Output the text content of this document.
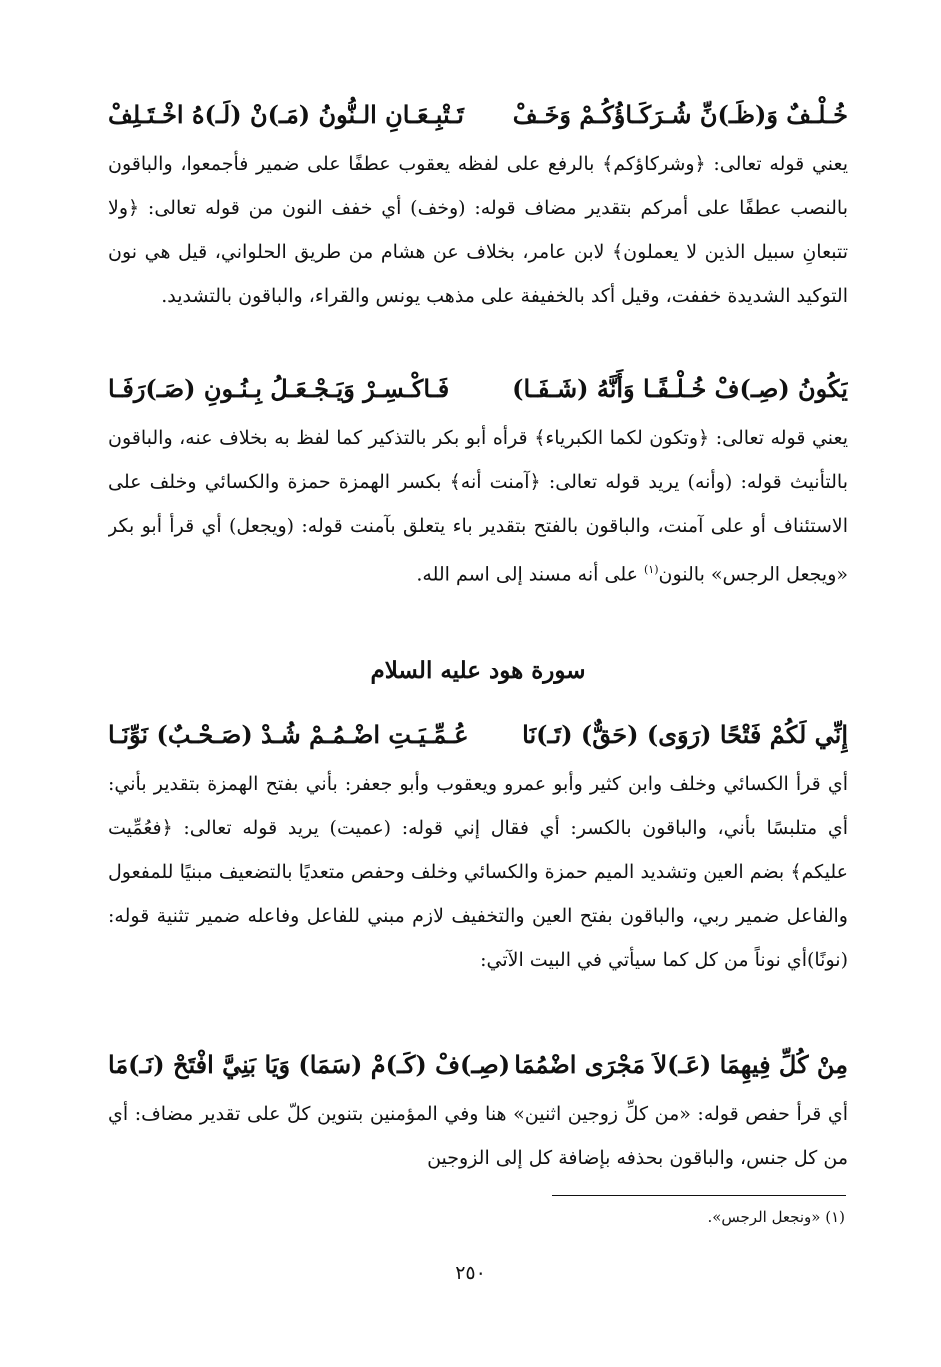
خُـلْـفٌ وَ(ظَـ)نِّ شُـرَكَـاؤُكُـمْ وَخَـفْ
تَـتْبِـعَـانِ الـنُّونُ (مَـ)نْ (لَـ)هُ اخْـتَـلِفْ

يعني قوله تعالى: ﴿وشركاؤكم﴾ بالرفع على لفظه يعقوب عطفًا على ضمير فأجمعوا، والباقون بالنصب عطفًا على أمركم بتقدير مضاف قوله: (وخف) أي خفف النون من قوله تعالى: ﴿ولا تتبعانِ سبيل الذين لا يعملون﴾ لابن عامر، بخلاف عن هشام من طريق الحلواني، قيل هي نون التوكيد الشديدة خففت، وقيل أكد بالخفيفة على مذهب يونس والقراء، والباقون بالتشديد.

يَكُونُ (صِـ)فْ خُـلْـفًـا وَأَنَّهُ (شَـفَـا)
فَـاكْـسِـرْ وَيَـجْـعَـلُ بِـنُـونِ (صَـ)رَفَـا

يعني قوله تعالى: ﴿وتكون لكما الكبرياء﴾ قرأه أبو بكر بالتذكير كما لفظ به بخلاف عنه، والباقون بالتأنيث قوله: (وأنه) يريد قوله تعالى: ﴿آمنت أنه﴾ بكسر الهمزة حمزة والكسائي وخلف على الاستئناف أو على آمنت، والباقون بالفتح بتقدير باء يتعلق بآمنت قوله: (ويجعل) أي قرأ أبو بكر «ويجعل الرجس» بالنون$^{(١)}$ على أنه مسند إلى اسم الله.

سورة هود عليه السلام
إِنِّي لَكُمْ فَتْحًا (رَوَى) (حَقٌّ) (تَـ)نَا
عُـمِّـيَـتِ اضْـمُـمْ شُـدْ (صَـحْـبٌ) نَوِّنَـا

أي قرأ الكسائي وخلف وابن كثير وأبو عمرو ويعقوب وأبو جعفر: بأني بفتح الهمزة بتقدير بأني: أي متلبسًا بأني، والباقون بالكسر: أي فقال إني قوله: (عميت) يريد قوله تعالى: ﴿فعُمِّيت عليكم﴾ بضم العين وتشديد الميم حمزة والكسائي وخلف وحفص متعديًا بالتضعيف مبنيًا للمفعول والفاعل ضمير ربي، والباقون بفتح العين والتخفيف لازم مبني للفاعل وفاعله ضمير تثنية قوله: (نونًا)أي نوناً من كل كما سيأتي في البيت الآتي:

مِنْ كُلِّ فِيهِمَا (عَـ)لاَ مَجْرَى اضْمُمَا
(صِـ)فْ (كَـ)مْ (سَمَا) وَيَا بَنِيَّ افْتَحْ (نَـ)مَا

أي قرأ حفص قوله: «من كلِّ زوجين اثنين» هنا وفي المؤمنين بتنوين كلّ على تقدير مضاف: أي من كل جنس، والباقون بحذفه بإضافة كل إلى الزوجين

(١) «ونجعل الرجس».
٢٥٠
